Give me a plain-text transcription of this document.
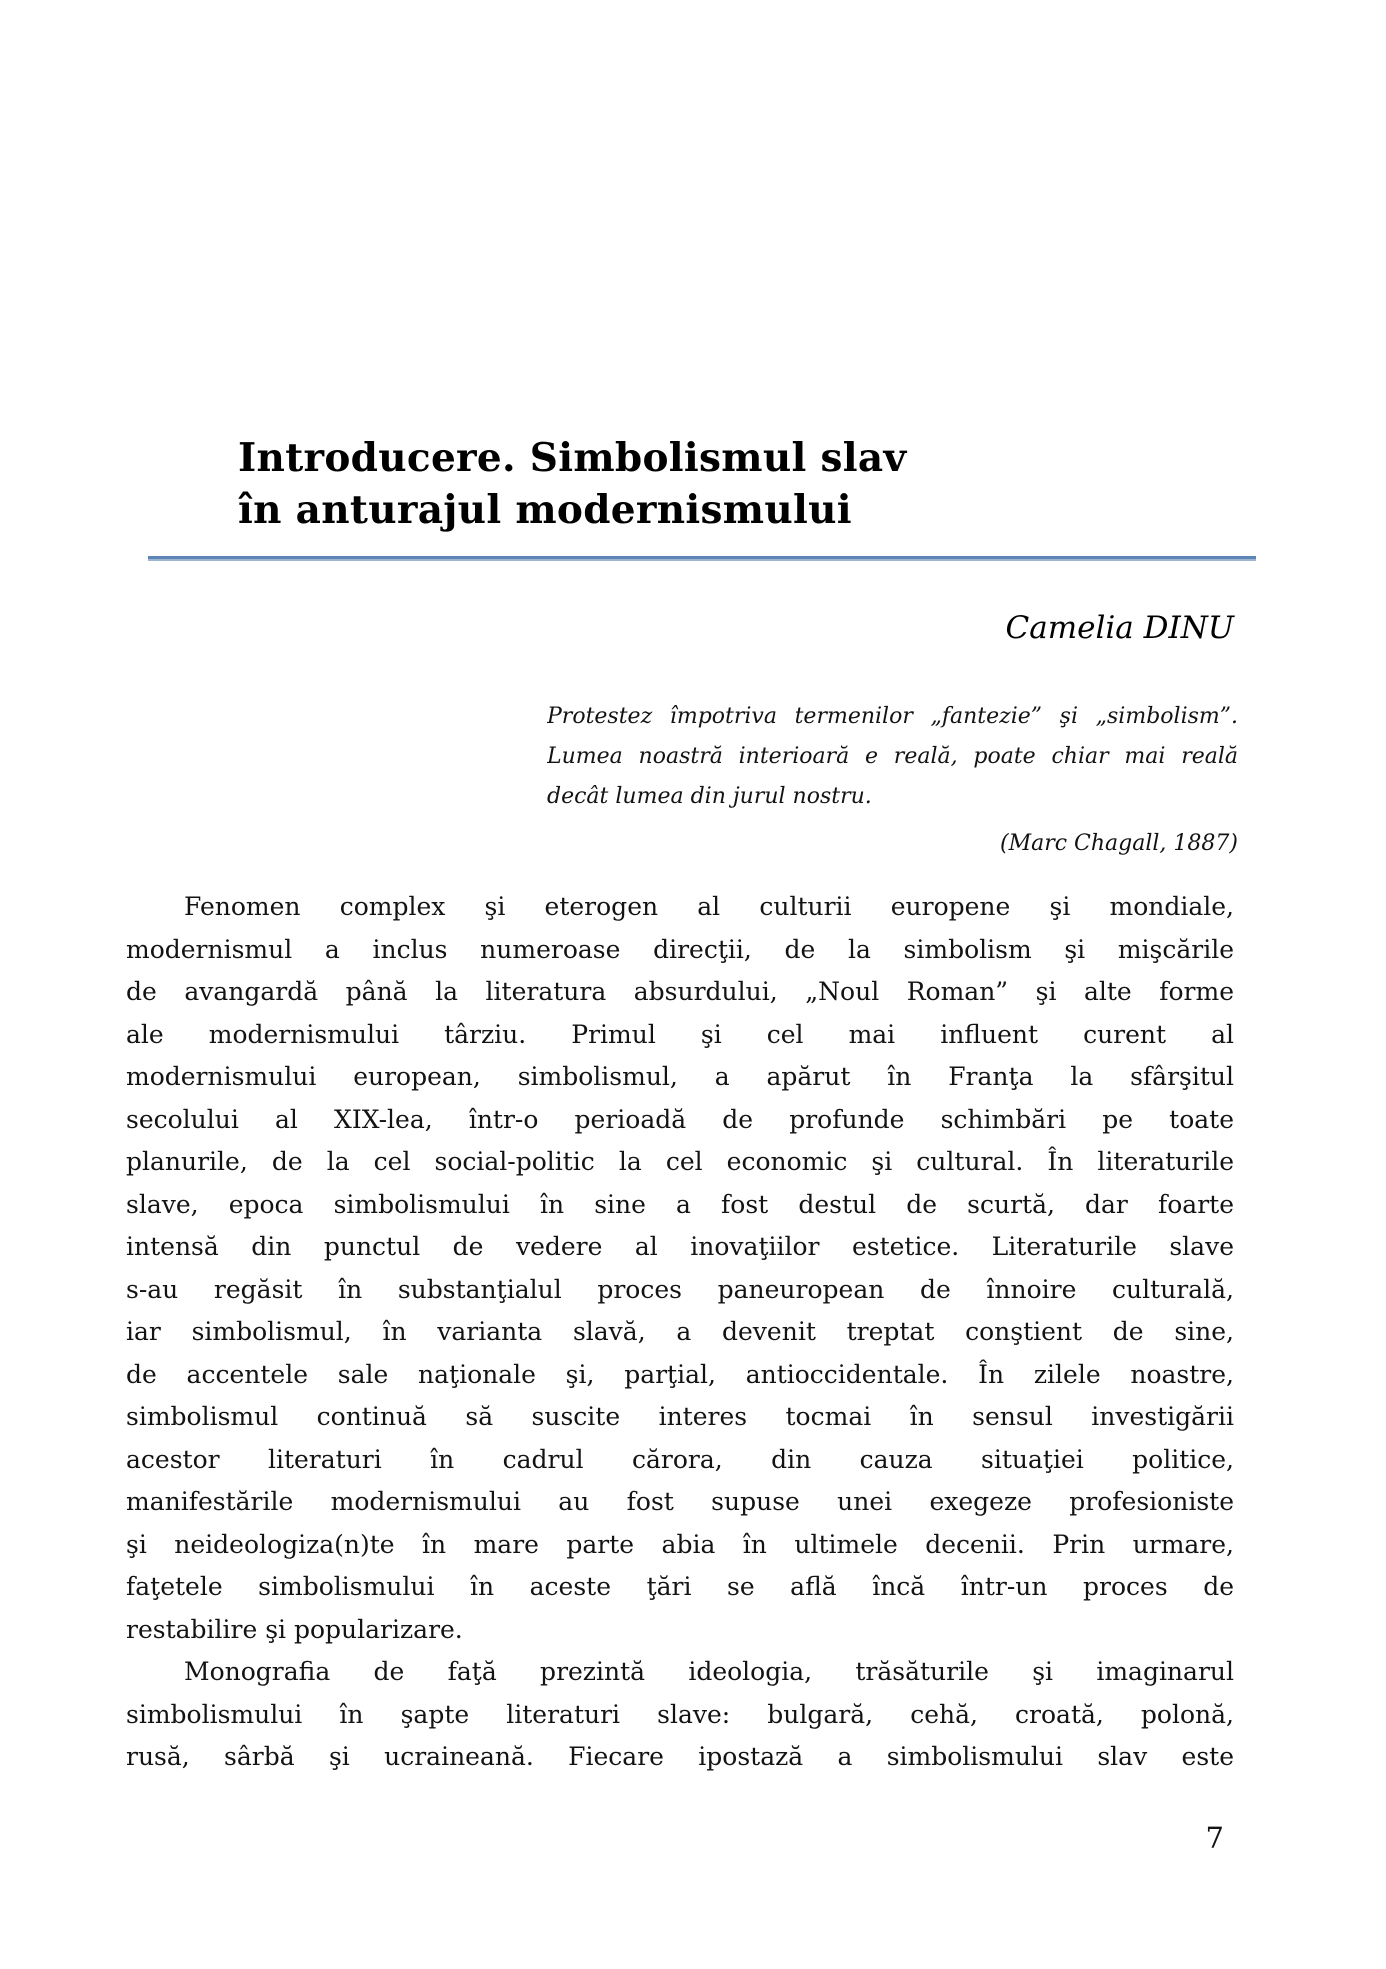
Introducere. Simbolismul slav
în anturajul modernismului
Camelia DINU
Protestez împotriva termenilor „fantezie” şi „simbolism”.
Lumea noastră interioară e reală, poate chiar mai reală
decât lumea din jurul nostru.
(Marc Chagall, 1887)
Fenomen complex şi eterogen al culturii europene şi mondiale,
modernismul a inclus numeroase direcţii, de la simbolism şi mişcările
de avangardă până la literatura absurdului, „Noul Roman” şi alte forme
ale modernismului târziu. Primul şi cel mai influent curent al
modernismului european, simbolismul, a apărut în Franţa la sfârşitul
secolului al XIX-lea, într-o perioadă de profunde schimbări pe toate
planurile, de la cel social-politic la cel economic şi cultural. În literaturile
slave, epoca simbolismului în sine a fost destul de scurtă, dar foarte
intensă din punctul de vedere al inovaţiilor estetice. Literaturile slave
s-au regăsit în substanţialul proces paneuropean de înnoire culturală,
iar simbolismul, în varianta slavă, a devenit treptat conştient de sine,
de accentele sale naţionale şi, parţial, antioccidentale. În zilele noastre,
simbolismul continuă să suscite interes tocmai în sensul investigării
acestor literaturi în cadrul cărora, din cauza situaţiei politice,
manifestările modernismului au fost supuse unei exegeze profesioniste
şi neideologiza(n)te în mare parte abia în ultimele decenii. Prin urmare,
faţetele simbolismului în aceste ţări se află încă într-un proces de
restabilire şi popularizare.
Monografia de faţă prezintă ideologia, trăsăturile şi imaginarul
simbolismului în şapte literaturi slave: bulgară, cehă, croată, polonă,
rusă, sârbă şi ucraineană. Fiecare ipostază a simbolismului slav este
7
